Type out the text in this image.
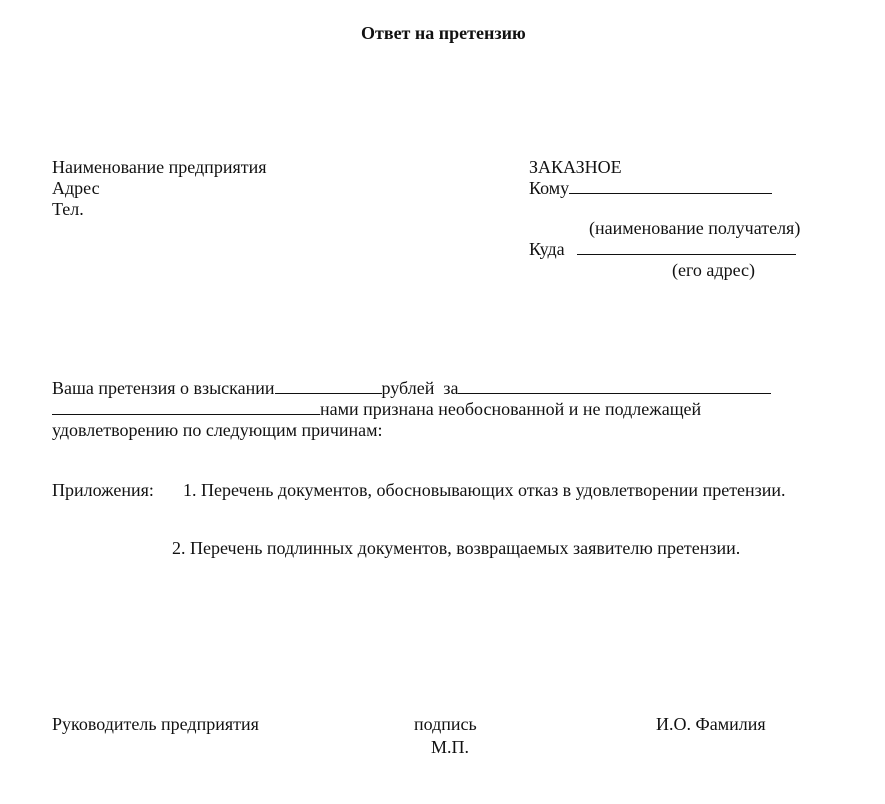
Ответ на претензию
Наименование предприятия
Адрес
Тел.
ЗАКАЗНОЕ
Кому
(наименование получателя)
Куда
(его адрес)
Ваша претензия о взыскании	рублей  за
нами признана необоснованной и не подлежащей
удовлетворению по следующим причинам:
Приложения: 1. Перечень документов, обосновывающих отказ в удовлетворении претензии.
2. Перечень подлинных документов, возвращаемых заявителю претензии.
Руководитель предприятия	подпись
М.П.
И.О. Фамилия
